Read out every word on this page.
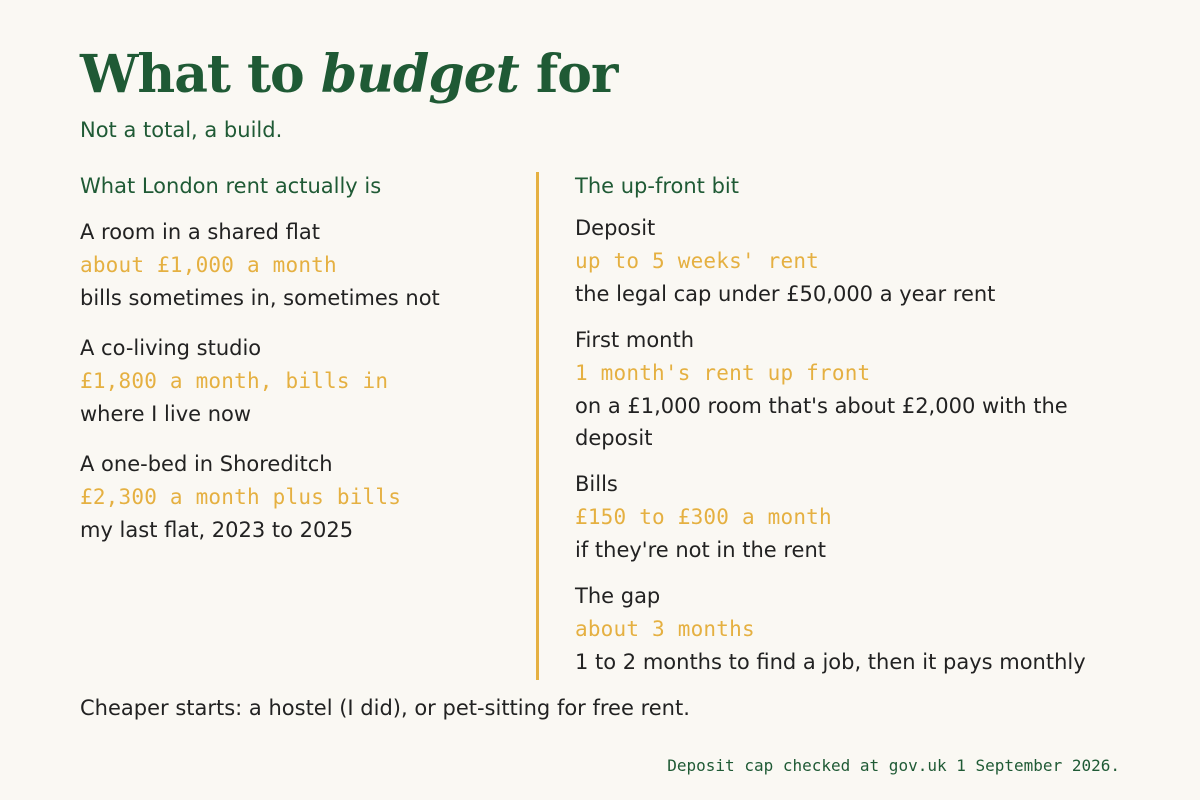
What to budget for
Not a total, a build.
What London rent actually is
A room in a shared flat
about £1,000 a month
bills sometimes in, sometimes not
A co-living studio
£1,800 a month, bills in
where I live now
A one-bed in Shoreditch
£2,300 a month plus bills
my last flat, 2023 to 2025
The up-front bit
Deposit
up to 5 weeks' rent
the legal cap under £50,000 a year rent
First month
1 month's rent up front
on a £1,000 room that's about £2,000 with the deposit
Bills
£150 to £300 a month
if they're not in the rent
The gap
about 3 months
1 to 2 months to find a job, then it pays monthly
Cheaper starts: a hostel (I did), or pet-sitting for free rent.
Deposit cap checked at gov.uk 1 September 2026.
